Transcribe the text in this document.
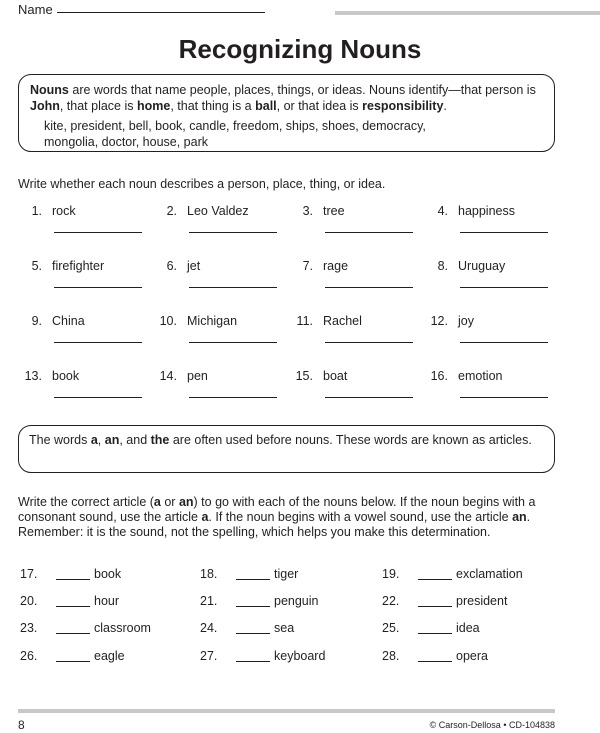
Name
Recognizing Nouns
Nouns are words that name people, places, things, or ideas. Nouns identify—that person is John, that place is home, that thing is a ball, or that idea is responsibility.
kite, president, bell, book, candle, freedom, ships, shoes, democracy,
mongolia, doctor, house, park
Write whether each noun describes a person, place, thing, or idea.
1. rock	2. Leo Valdez	3. tree	4. happiness
5. firefighter	6. jet	7. rage	8. Uruguay
9. China	10. Michigan	11. Rachel	12. joy
13. book	14. pen	15. boat	16. emotion
The words a, an, and the are often used before nouns. These words are known as articles.
Write the correct article (a or an) to go with each of the nouns below. If the noun begins with a consonant sound, use the article a. If the noun begins with a vowel sound, use the article an. Remember: it is the sound, not the spelling, which helps you make this determination.
17.	book	18.	tiger	19.	exclamation
20.	hour	21.	penguin	22.	president
23.	classroom	24.	sea	25.	idea
26.	eagle	27.	keyboard	28.	opera
8	© Carson-Dellosa • CD-104838
